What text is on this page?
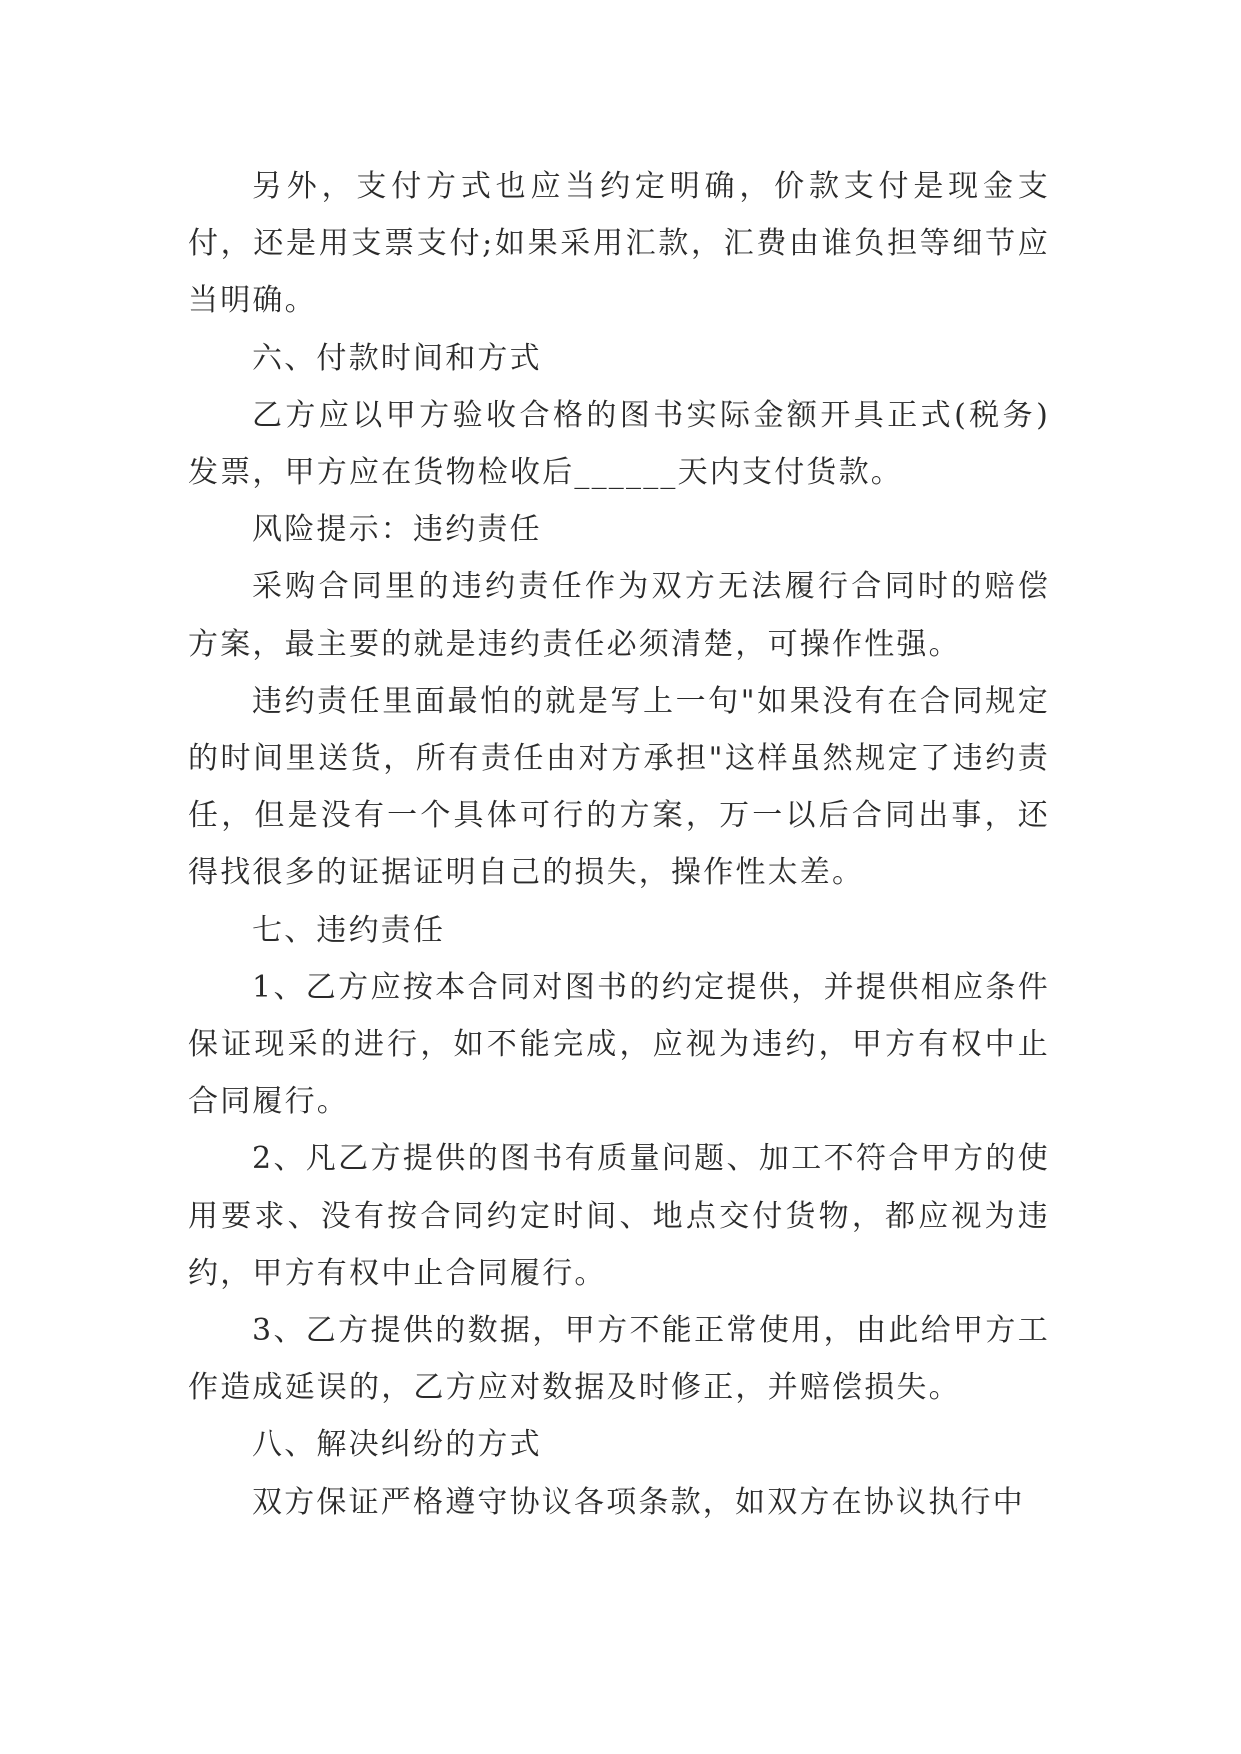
另外，支付方式也应当约定明确，价款支付是现金支付，还是用支票支付;如果采用汇款，汇费由谁负担等细节应当明确。

六、付款时间和方式

乙方应以甲方验收合格的图书实际金额开具正式(税务)发票，甲方应在货物检收后______天内支付货款。

风险提示：违约责任

采购合同里的违约责任作为双方无法履行合同时的赔偿方案，最主要的就是违约责任必须清楚，可操作性强。

违约责任里面最怕的就是写上一句"如果没有在合同规定的时间里送货，所有责任由对方承担"这样虽然规定了违约责任，但是没有一个具体可行的方案，万一以后合同出事，还得找很多的证据证明自己的损失，操作性太差。

七、违约责任

1、乙方应按本合同对图书的约定提供，并提供相应条件保证现采的进行，如不能完成，应视为违约，甲方有权中止合同履行。

2、凡乙方提供的图书有质量问题、加工不符合甲方的使用要求、没有按合同约定时间、地点交付货物，都应视为违约，甲方有权中止合同履行。

3、乙方提供的数据，甲方不能正常使用，由此给甲方工作造成延误的，乙方应对数据及时修正，并赔偿损失。

八、解决纠纷的方式

双方保证严格遵守协议各项条款，如双方在协议执行中
